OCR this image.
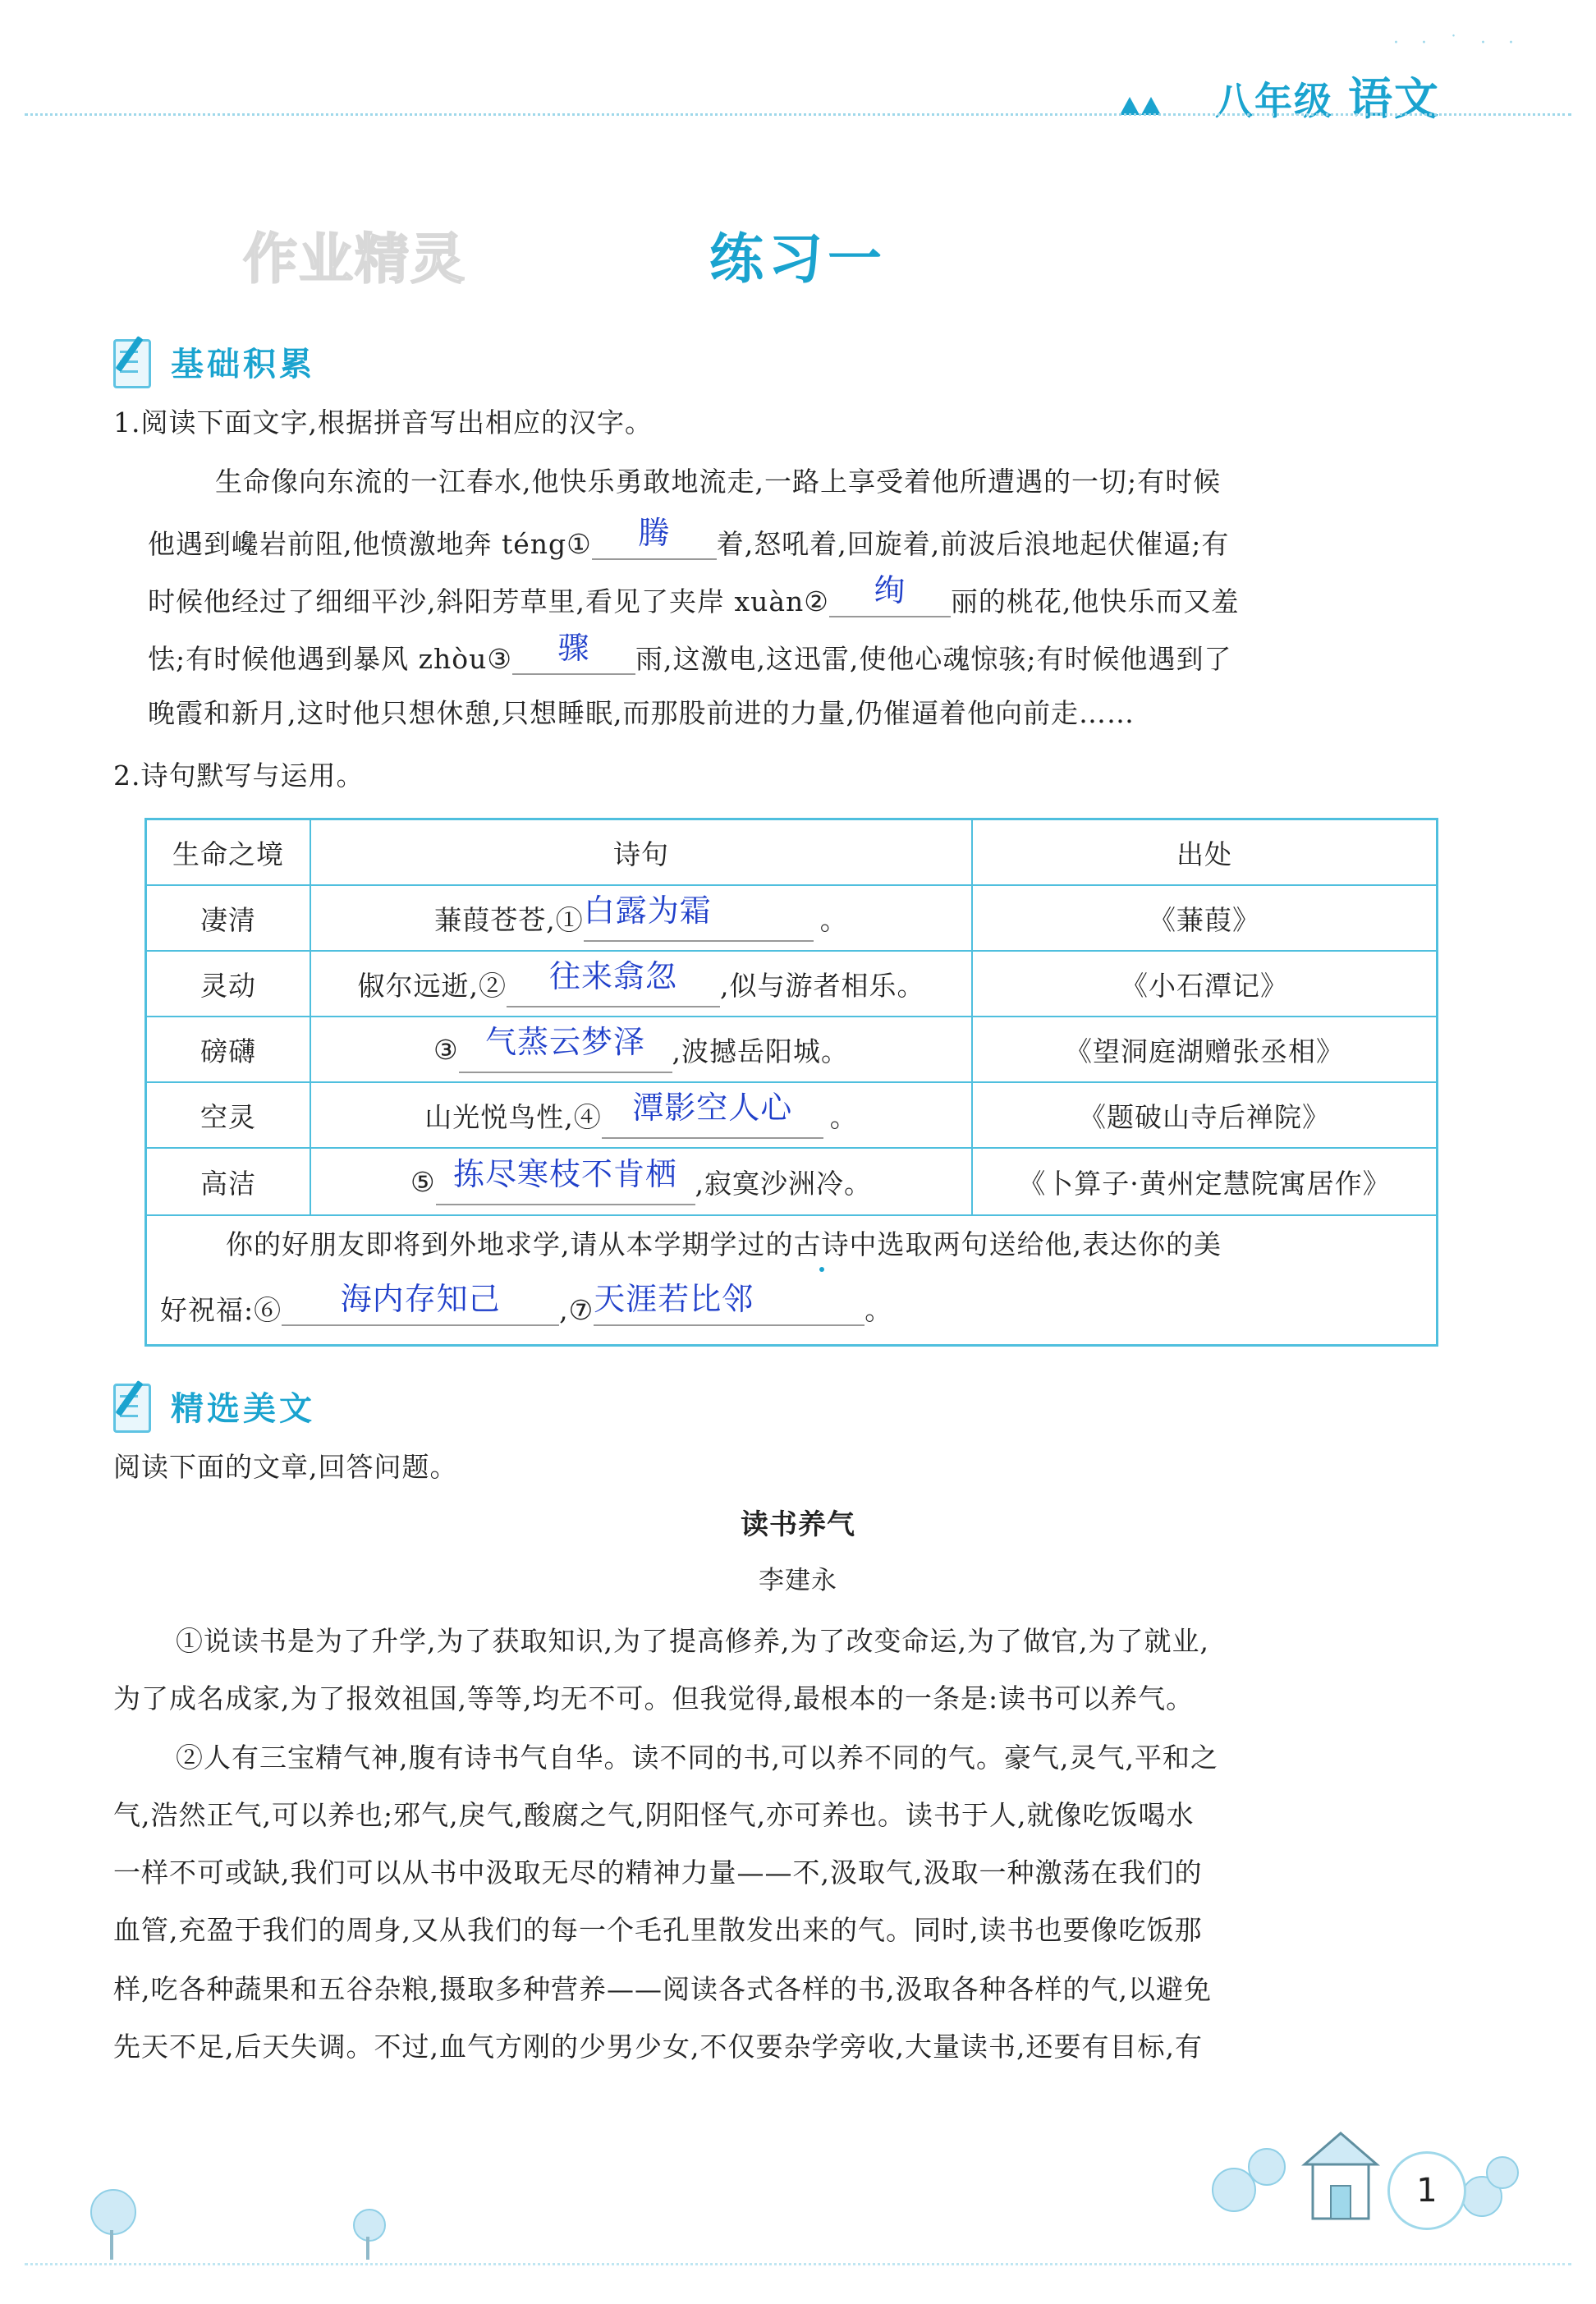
· · ˙ · ·
八年级 语文
作业精灵	练习一
基础积累
1.阅读下面文字,根据拼音写出相应的汉字。
生命像向东流的一江春水,他快乐勇敢地流走,一路上享受着他所遭遇的一切;有时候
他遇到巉岩前阻,他愤激地奔 téng① 腾 着,怒吼着,回旋着,前波后浪地起伏催逼;有
时候他经过了细细平沙,斜阳芳草里,看见了夹岸 xuàn② 绚 丽的桃花,他快乐而又羞
怯;有时候他遇到暴风 zhòu③ 骤 雨,这激电,这迅雷,使他心魂惊骇;有时候他遇到了
晚霞和新月,这时他只想休憩,只想睡眠,而那股前进的力量,仍催逼着他向前走……
2.诗句默写与运用。
生命之境	诗句	出处
凄清	蒹葭苍苍,① 白露为霜	。	《蒹葭》
灵动	俶尔远逝,②	往来翕忽	,似与游者相乐。	《小石潭记》
磅礴	③ 气蒸云梦泽 ,波撼岳阳城。	《望洞庭湖赠张丞相》
空灵	山光悦鸟性,④ 潭影空人心	。	《题破山寺后禅院》
高洁	⑤ 拣尽寒枝不肯栖 ,寂寞沙洲冷。	《卜算子·黄州定慧院寓居作》
你的好朋友即将到外地求学,请从本学期学过的古诗中选取两句送给他,表达你的美
好祝福:⑥ 海内存知己 ,⑦天涯若比邻	。
精选美文
阅读下面的文章,回答问题。
读书养气
李建永
①说读书是为了升学,为了获取知识,为了提高修养,为了改变命运,为了做官,为了就业,
为了成名成家,为了报效祖国,等等,均无不可。但我觉得,最根本的一条是:读书可以养气。
②人有三宝精气神,腹有诗书气自华。读不同的书,可以养不同的气。豪气,灵气,平和之
气,浩然正气,可以养也;邪气,戾气,酸腐之气,阴阳怪气,亦可养也。读书于人,就像吃饭喝水
一样不可或缺,我们可以从书中汲取无尽的精神力量——不,汲取气,汲取一种激荡在我们的
血管,充盈于我们的周身,又从我们的每一个毛孔里散发出来的气。同时,读书也要像吃饭那
样,吃各种蔬果和五谷杂粮,摄取多种营养——阅读各式各样的书,汲取各种各样的气,以避免
先天不足,后天失调。不过,血气方刚的少男少女,不仅要杂学旁收,大量读书,还要有目标,有
1
